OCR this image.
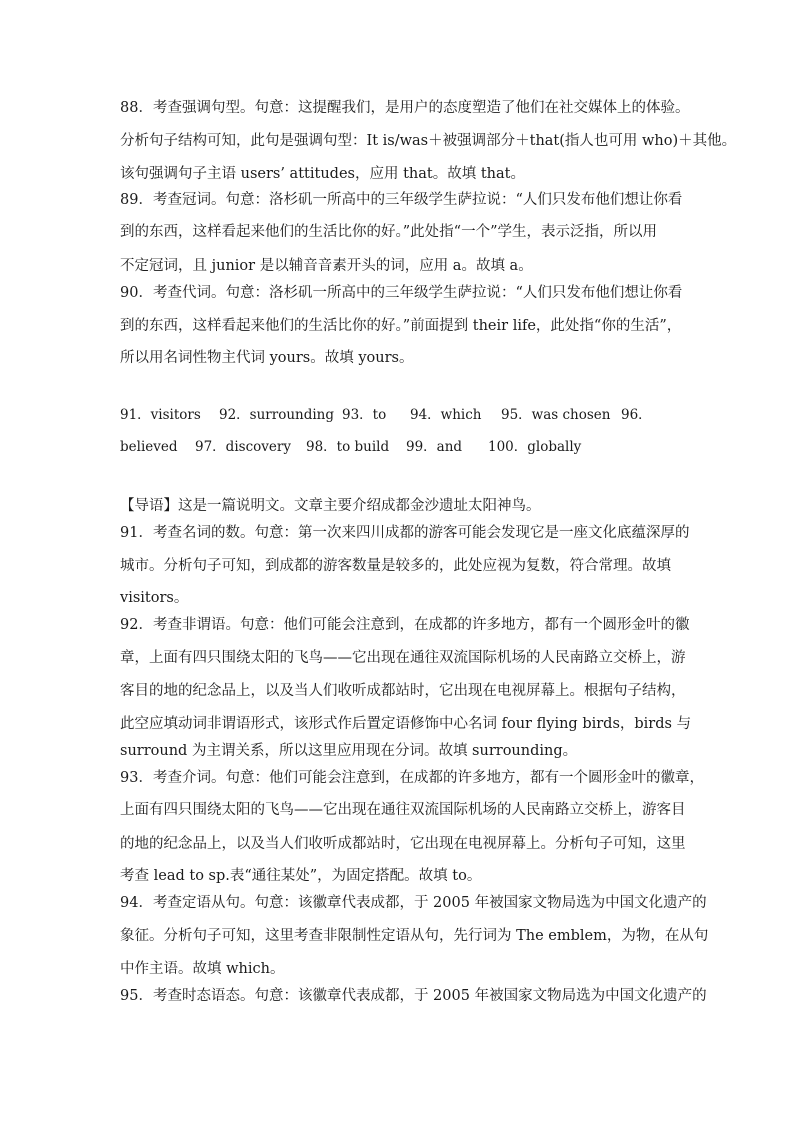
88．考查强调句型。句意：这提醒我们，是用户的态度塑造了他们在社交媒体上的体验。
分析句子结构可知，此句是强调句型：It is/was＋被强调部分＋that(指人也可用 who)＋其他。
该句强调句子主语 users’ attitudes，应用 that。故填 that。
89．考查冠词。句意：洛杉矶一所高中的三年级学生萨拉说：“人们只发布他们想让你看
到的东西，这样看起来他们的生活比你的好。”此处指“一个”学生，表示泛指，所以用
不定冠词，且 junior 是以辅音音素开头的词，应用 a。故填 a。
90．考查代词。句意：洛杉矶一所高中的三年级学生萨拉说：“人们只发布他们想让你看
到的东西，这样看起来他们的生活比你的好。”前面提到 their life，此处指“你的生活”，
所以用名词性物主代词 yours。故填 yours。
91．visitors 92．surrounding 93．to 94．which 95．was chosen 96．
believed 97．discovery 98．to build 99．and 100．globally
【导语】这是一篇说明文。文章主要介绍成都金沙遗址太阳神鸟。
91．考查名词的数。句意：第一次来四川成都的游客可能会发现它是一座文化底蕴深厚的
城市。分析句子可知，到成都的游客数量是较多的，此处应视为复数，符合常理。故填
visitors。
92．考查非谓语。句意：他们可能会注意到，在成都的许多地方，都有一个圆形金叶的徽
章，上面有四只围绕太阳的飞鸟——它出现在通往双流国际机场的人民南路立交桥上，游
客目的地的纪念品上，以及当人们收听成都站时，它出现在电视屏幕上。根据句子结构，
此空应填动词非谓语形式，该形式作后置定语修饰中心名词 four flying birds，birds 与
surround 为主谓关系，所以这里应用现在分词。故填 surrounding。
93．考查介词。句意：他们可能会注意到，在成都的许多地方，都有一个圆形金叶的徽章，
上面有四只围绕太阳的飞鸟——它出现在通往双流国际机场的人民南路立交桥上，游客目
的地的纪念品上，以及当人们收听成都站时，它出现在电视屏幕上。分析句子可知，这里
考查 lead to sp.表“通往某处”，为固定搭配。故填 to。
94．考查定语从句。句意：该徽章代表成都，于 2005 年被国家文物局选为中国文化遗产的
象征。分析句子可知，这里考查非限制性定语从句，先行词为 The emblem，为物，在从句
中作主语。故填 which。
95．考查时态语态。句意：该徽章代表成都，于 2005 年被国家文物局选为中国文化遗产的
